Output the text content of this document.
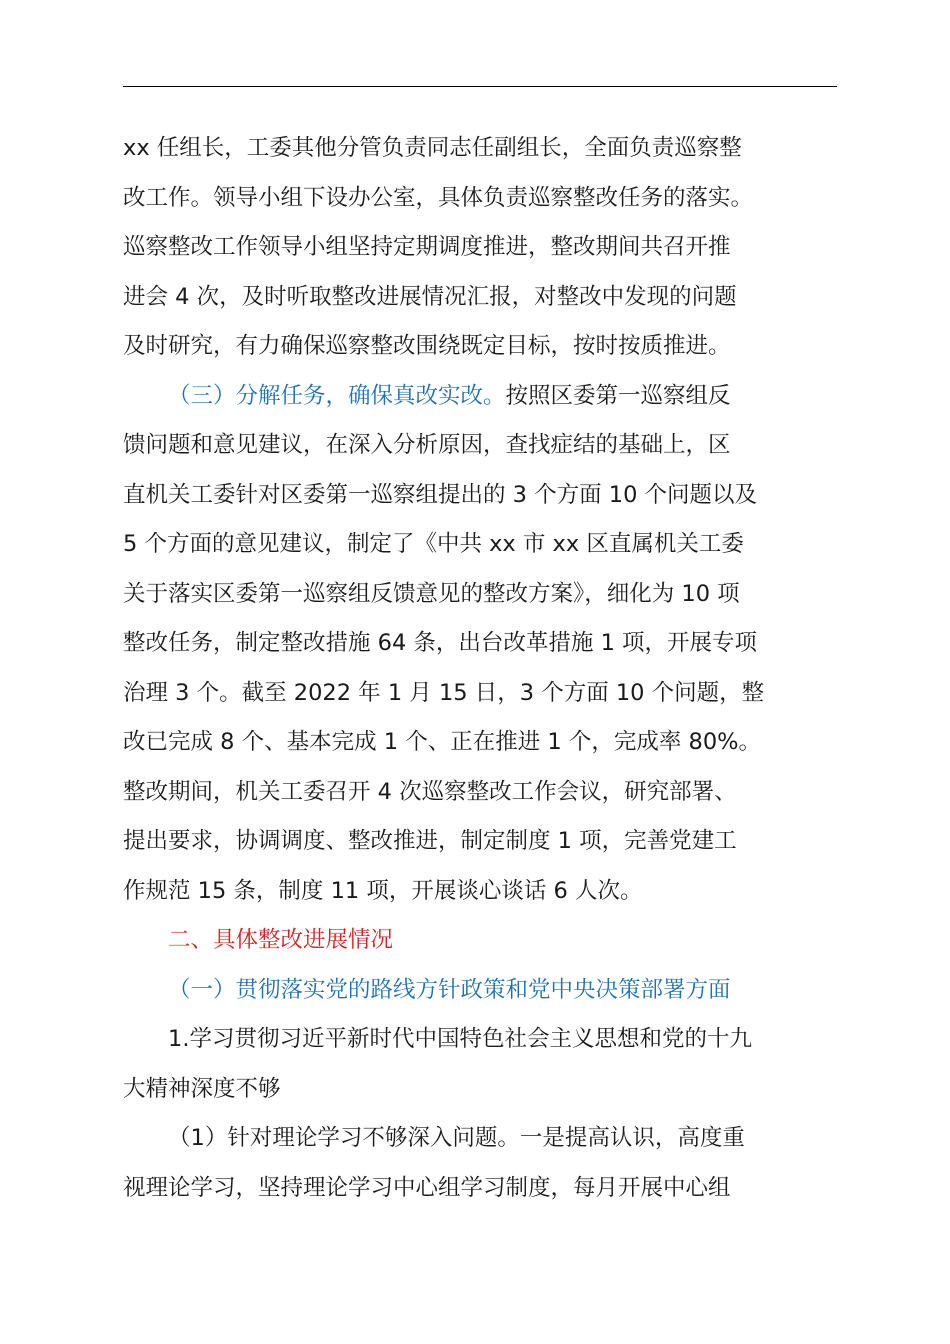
xx 任组长，工委其他分管负责同志任副组长，全面负责巡察整
改工作。领导小组下设办公室，具体负责巡察整改任务的落实。
巡察整改工作领导小组坚持定期调度推进，整改期间共召开推
进会 4 次，及时听取整改进展情况汇报，对整改中发现的问题
及时研究，有力确保巡察整改围绕既定目标，按时按质推进。
（三）分解任务，确保真改实改。按照区委第一巡察组反
馈问题和意见建议，在深入分析原因，查找症结的基础上，区
直机关工委针对区委第一巡察组提出的 3 个方面 10 个问题以及
5 个方面的意见建议，制定了《中共 xx 市 xx 区直属机关工委
关于落实区委第一巡察组反馈意见的整改方案》，细化为 10 项
整改任务，制定整改措施 64 条，出台改革措施 1 项，开展专项
治理 3 个。截至 2022 年 1 月 15 日，3 个方面 10 个问题，整
改已完成 8 个、基本完成 1 个、正在推进 1 个，完成率 80%。
整改期间，机关工委召开 4 次巡察整改工作会议，研究部署、
提出要求，协调调度、整改推进，制定制度 1 项，完善党建工
作规范 15 条，制度 11 项，开展谈心谈话 6 人次。
二、具体整改进展情况
（一）贯彻落实党的路线方针政策和党中央决策部署方面
1.学习贯彻习近平新时代中国特色社会主义思想和党的十九
大精神深度不够
（1）针对理论学习不够深入问题。一是提高认识，高度重
视理论学习，坚持理论学习中心组学习制度，每月开展中心组
